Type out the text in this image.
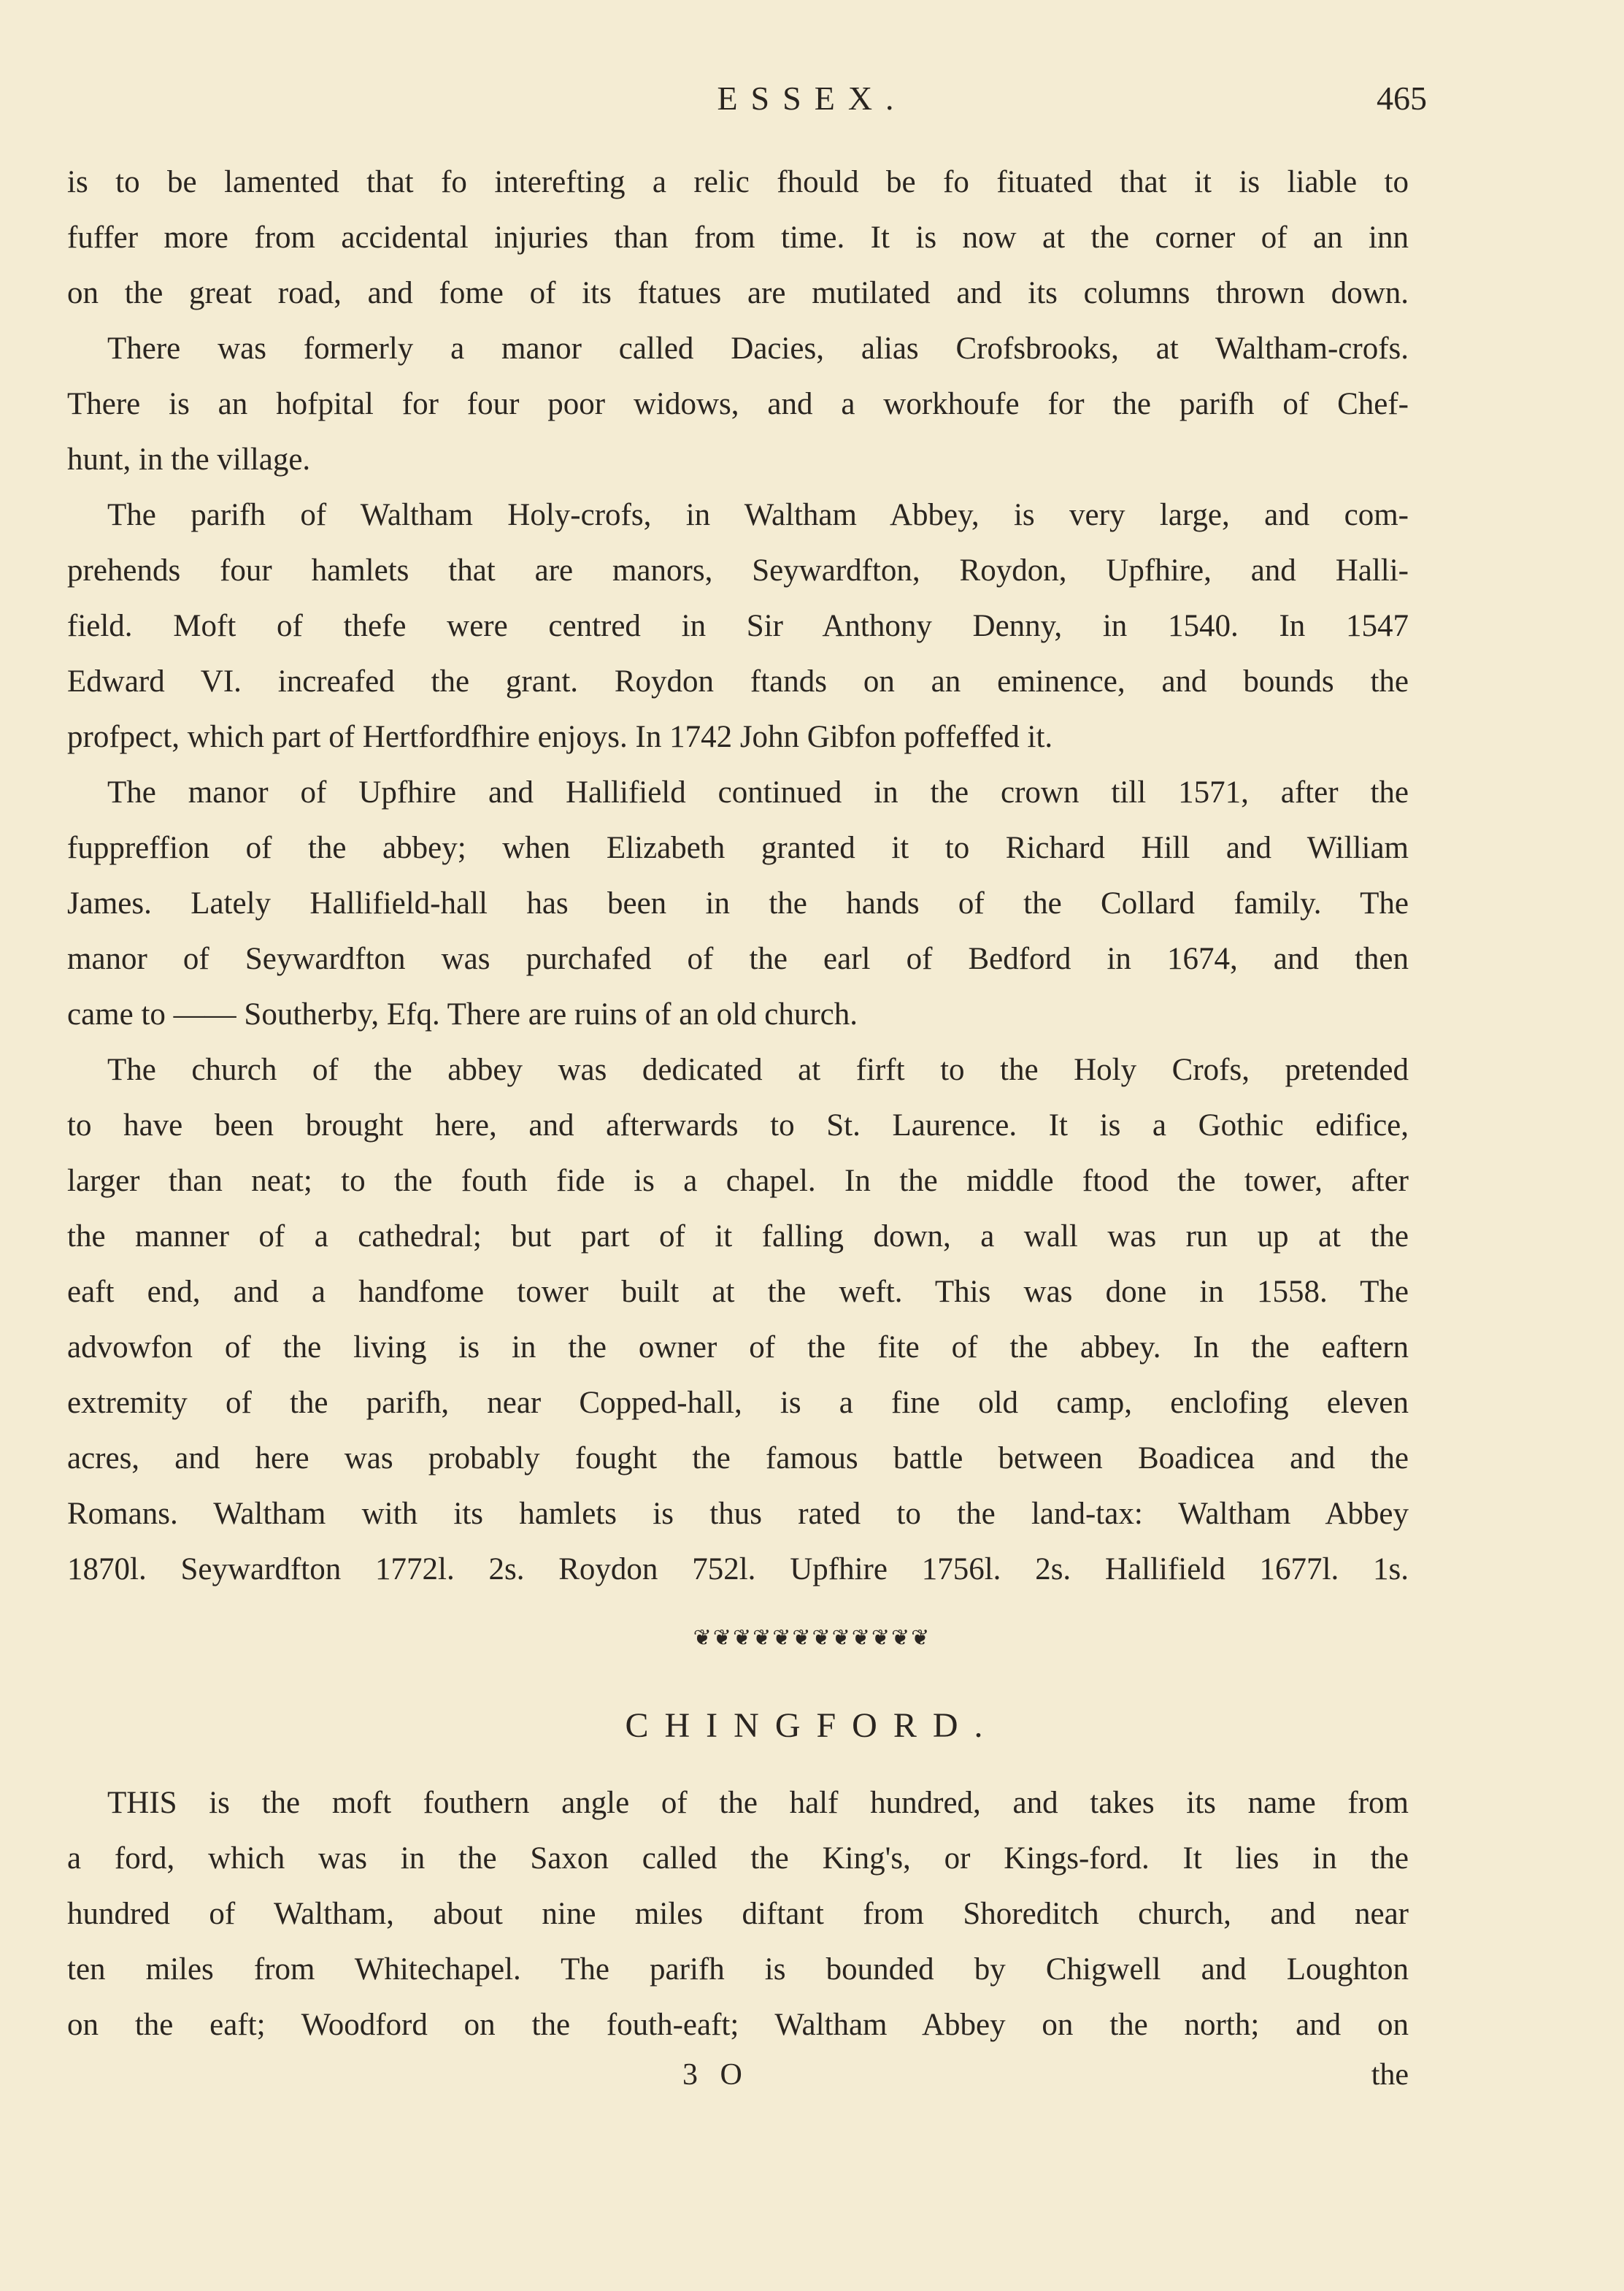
ESSEX.	465
is to be lamented that fo interefting a relic fhould be fo fituated that it is liable to
fuffer more from accidental injuries than from time. It is now at the corner of an inn
on the great road, and fome of its ftatues are mutilated and its columns thrown down.
There was formerly a manor called Dacies, alias Crofsbrooks, at Waltham-crofs.
There is an hofpital for four poor widows, and a workhoufe for the parifh of Chef-
hunt, in the village.
The parifh of Waltham Holy-crofs, in Waltham Abbey, is very large, and com-
prehends four hamlets that are manors, Seywardfton, Roydon, Upfhire, and Halli-
field. Moft of thefe were centred in Sir Anthony Denny, in 1540. In 1547
Edward VI. increafed the grant. Roydon ftands on an eminence, and bounds the
profpect, which part of Hertfordfhire enjoys. In 1742 John Gibfon poffeffed it.
The manor of Upfhire and Hallifield continued in the crown till 1571, after the
fuppreffion of the abbey; when Elizabeth granted it to Richard Hill and William
James. Lately Hallifield-hall has been in the hands of the Collard family. The
manor of Seywardfton was purchafed of the earl of Bedford in 1674, and then
came to —— Southerby, Efq. There are ruins of an old church.
The church of the abbey was dedicated at firft to the Holy Crofs, pretended
to have been brought here, and afterwards to St. Laurence. It is a Gothic edifice,
larger than neat; to the fouth fide is a chapel. In the middle ftood the tower, after
the manner of a cathedral; but part of it falling down, a wall was run up at the
eaft end, and a handfome tower built at the weft. This was done in 1558. The
advowfon of the living is in the owner of the fite of the abbey. In the eaftern
extremity of the parifh, near Copped-hall, is a fine old camp, enclofing eleven
acres, and here was probably fought the famous battle between Boadicea and the
Romans. Waltham with its hamlets is thus rated to the land-tax: Waltham Abbey
1870l. Seywardfton 1772l. 2s. Roydon 752l. Upfhire 1756l. 2s. Hallifield 1677l. 1s.
❦❦❦❦❦❦❦❦❦❦❦❦
CHINGFORD.
THIS is the moft fouthern angle of the half hundred, and takes its name from
a ford, which was in the Saxon called the King's, or Kings-ford. It lies in the
hundred of Waltham, about nine miles diftant from Shoreditch church, and near
ten miles from Whitechapel. The parifh is bounded by Chigwell and Loughton
on the eaft; Woodford on the fouth-eaft; Waltham Abbey on the north; and on
3 O	the
